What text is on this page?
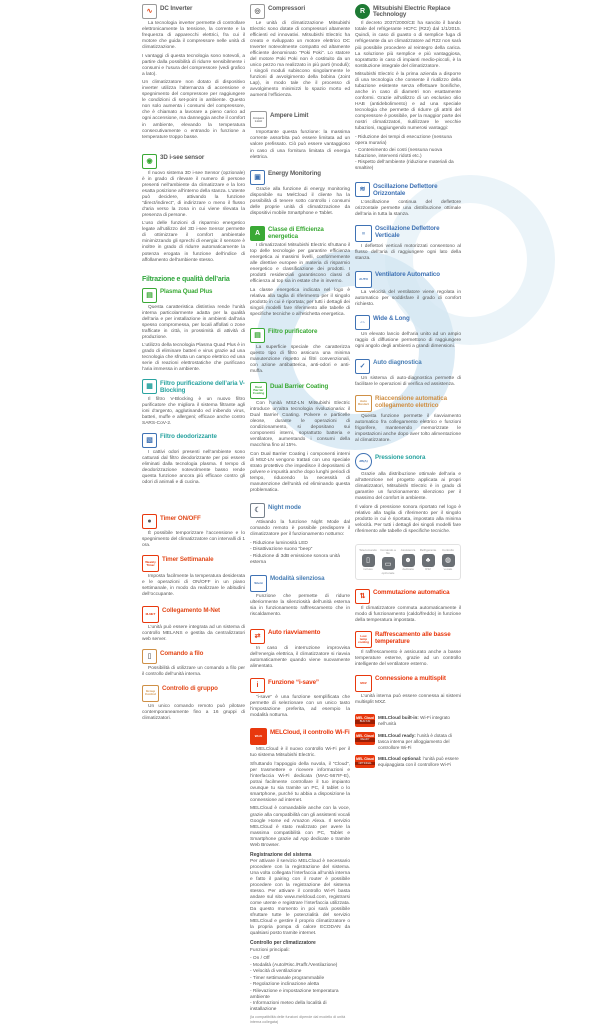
∿	DC Inverter

La tecnologia inverter permette di controllare elettronicamente la tensione, la corrente e la frequenza di apparecchi elettrici, fra cui il motore che guida il compressore nelle unità di climatizzazione.

I vantaggi di questa tecnologia sono notevoli, a partire dalla possibilità di ridurre sensibilmente i consumi e l’usura del compressore (vedi grafico a lato).

Un climatizzatore non dotato di dispositivo inverter utilizza l’alternanza di accensione e spegnimento del compressore per raggiungere le condizioni di set-point in ambiente. Questo non solo aumenta i consumi del compressore, che è chiamato a lavorare a pieno carico ad ogni accensione, ma danneggia anche il comfort in ambiente, elevando la temperatura consecutivamente o entrando in funzione a temperature troppo basse.

◉	3D i-see sensor

Il nuovo sistema 3D i-see Sensor (opzionale) è in grado di rilevare il numero di persone presenti nell’ambiente da climatizzare e la loro esatta posizione all’interno della stanza. L’utente può decidere, attivando la funzione “direct/indirect”, di indirizzare o meno il flusso d’aria verso la zona in cui viene rilevata la presenza di persone.

L’uso delle funzioni di risparmio energetico legate all’utilizzo del 3D i-see Sensor permette di ottimizzare il comfort ambientale minimizzando gli sprechi di energia: il sensore è inoltre in grado di ridurre automaticamente la potenza erogata in funzione dell’indice di affollamento dell’ambiente stesso.

Filtrazione e qualità dell’aria
▤	Plasma Quad Plus

Questa caratteristica distintiva rende l’unità interna particolarmente adatta per la qualità dell’aria e per installazione in ambienti dall’aria spesso compromessa, per locali affollati o zone trafficate in città, in prossimità di attività di produzione.

L’utilizzo della tecnologia Plasma Quad Plus è in grado di eliminare batteri e virus grazie ad una tecnologia che sfrutta un campo elettrico ed una serie di reazioni elettrostatiche che purificano l’aria immessa in ambiente.

▦	Filtro purificazione dell’aria V-Blocking

Il filtro V-Blocking è un nuovo filtro purificatore che migliora il sistema filtrante agli ioni d’argento, agglutinando ed inibendo virus, batteri, muffe e allergeni; efficace anche contro SARS-CoV-2.

▧	Filtro deodorizzante

I cattivi odori presenti nell’ambiente sono catturati dal filtro deodorizzante per poi essere eliminati dalla tecnologia plasma. Il tempo di deodorizzazione notevolmente basso rende questa funzione ancora più efficace contro gli odori di animali e di cucina.

●	Timer ON/OFF

È possibile temporizzare l’accensione e lo spegnimento del climatizzatore con intervalli di 1 ora.

Weekly Timer
Timer Settimanale

Imposta facilmente la temperatura desiderata e le operazioni di ON/OFF in un piano settimanale, in modo da realizzare le abitudini dell’occupante.

M-NET
Collegamento M-Net

L’unità può essere integrata ad un sistema di controllo MELANS e gestita da centralizzatori web server.

▯	Comando a filo

Possibilità di utilizzare un comando a filo per il controllo dell’unità interna.

Group Control
Controllo di gruppo

Un unico comando remoto può pilotare contemporaneamente fino a 16 gruppi di climatizzatori.

◎	Compressori

Le unità di climatizzazione Mitsubishi Electric sono dotate di compressori altamente efficienti ed innovativi. Mitsubishi Electric ha creato e sviluppato un motore elettrico DC Inverter notevolmente compatto ed altamente efficiente denominato “Poki Poki”. Lo statore del motore Poki Poki non è costituito da un unico pezzo ma realizzato in più parti (moduli); i singoli moduli subiscono singolarmente le funzioni di avvolgimento della bobina (Joint Lap), in modo tale che il processo di avvolgimento minimizzi lo spazio morto ed aumenti l’efficienza.

Ampere Limit
Ampere Limit

Importante questa funzione: la massima corrente assorbita può essere limitata ad un valore prefissato. Ciò può essere vantaggioso in caso di una fornitura limitata di energia elettrica.

▣	Energy Monitoring

Grazie alla funzione di energy monitoring disponibile su MelCloud il cliente ha la possibilità di tenere sotto controllo i consumi delle proprie unità di climatizzazione da dispositivi mobile Smartphone e Tablet.

A	Classe di Efficienza energetica

I climatizzatori Mitsubishi Electric sfruttano il top delle tecnologie per garantire efficienza energetica ai massimi livelli, conformemente alle direttive europee in materia di risparmio energetico e classificazione dei prodotti. I prodotti residenziali garantiscono classi di efficienza al top sia in estate che in inverno.

La classe energetica indicata nel logo è relativa alla taglia di riferimento per il singolo prodotto in cui è riportata; per tutti i dettagli dei singoli modelli fare riferimento alle tabelle di specifiche tecniche o all’etichetta energetica.

▤	Filtro purificatore

La superficie speciale che caratterizza questo tipo di filtro assicura una minima manutenzione rispetto ai filtri convenzionali, con azione antibatterica, anti-odori e anti-muffa.

Dual Barrier Coating
Dual Barrier Coating

Con l’unità MSZ-LN Mitsubishi Electric introduce un’altra tecnologia rivoluzionaria: il Dual Barrier Coating. Polvere e particelle oleose, durante le operazioni di condizionamento, si depositano sui componenti interni, soprattutto batteria e ventilatore, aumentando i consumi della macchina fino al 15%.

Con Dual Barrier Coating i componenti interni di MSZ-LN vengono trattati con uno speciale strato protettivo che impedisce il depositarsi di polvere e impurità anche dopo lunghi periodi di tempo, riducendo la necessità di manutenzione dell’unità ed eliminando questa problematica.

☾	Night mode

Attivando la funzione Night Mode dal comando remoto è possibile predisporre il climatizzatore per il funzionamento notturno:

- Riduzione luminosità LED
- Disattivazione suono “beep”
- Riduzione di 3dB emissione sonora unità esterna
Silent
Modalità silenziosa

Funzione che permette di ridurre ulteriormente la silenziosità dell’unità esterna sia in funzionamento raffrescamento che in riscaldamento.

⇄	Auto riavviamento

In caso di interruzione improvvisa dell’energia elettrica, il climatizzatore si riavvia automaticamente quando viene nuovamente alimentato.

i	Funzione “i-save”

“i-save” è una funzione semplificata che permette di selezionare con un unico tasto l’impostazione preferita, ad esempio la modalità notturna.

Wi-Fi
MELCloud, il controllo Wi-Fi

MELCloud è il nuovo controllo Wi-Fi per il tuo sistema Mitsubishi Electric.

Sfruttando l’appoggio della nuvola, il “Cloud”, per trasmettere e ricevere informazioni e l’interfaccia Wi-Fi dedicata (MAC-567IF-E), potrai facilmente controllare il tuo impianto ovunque tu sia tramite un PC, il tablet o lo smartphone, purché tu abbia a disposizione la connessione ad internet.

MELCloud è comandabile anche con la voce, grazie alla compatibilità con gli assistenti vocali Google Home ed Amazon Alexa. Il servizio MELCloud è stato realizzato per avere la massima compatibilità con PC, Tablet e Smartphone grazie ad App dedicate o tramite Web Browser.

Registrazione del sistema

Per attivare il servizio MELCloud è necessario procedere con la registrazione del sistema. Una volta collegata l’interfaccia all’unità interna e fatto il pairing con il router è possibile procedere con la registrazione del sistema stesso. Per attivare il controllo Wi-Fi basta andare sul sito www.melcloud.com, registrarsi come utente e registrare l’interfaccia utilizzata. Da questo momento in poi sarà possibile sfruttare tutte le potenzialità del servizio MELCloud e gestire il proprio climatizzatore o la propria pompa di calore ECODAN da qualsiasi posto tramite internet.

Controllo per climatizzatore

Funzioni principali:

- On / Off
- Modalità (Auto/Risc./Raffr./Ventilazione)
- Velocità di ventilazione
- Timer settimanale programmabile
- Regolazione inclinazione aletta
- Rilevazione e impostazione temperatura ambiente
- Informazioni meteo della località di installazione
(la compatibilità delle funzioni dipende dal modello di unità interna collegata)
R	Mitsubishi Electric Replace Technology

Il decreto 2037/2000/CE ha sancito il bando totale del refrigerante HCFC (R22) dal 1/1/2015. Quindi, in caso di guasto o di semplice fuga di refrigerante da un climatizzatore ad R22 non sarà più possibile procedere al reintegro della carica. La soluzione più semplice e più vantaggiosa, soprattutto in caso di impianti medio-piccoli, è la sostituzione integrale del climatizzatore.

Mitsubishi Electric è la prima azienda a disporre di una tecnologia che consente il riutilizzo della tubazione esistente senza effettuare bonifiche, anche in caso di diametri non esattamente conformi. Grazie all’utilizzo di un esclusivo olio HAB (antidebolimento) e ad una speciale tecnologia che permette di ridurre gli attriti del compressore è possibile, per la maggior parte dei nostri climatizzatori, riutilizzare le vecchie tubazioni, raggiungendo numerosi vantaggi:

- Riduzione dei tempi di esecuzione (nessuna opera muraria)
- Contenimento dei costi (nessuna nuova tubazione, interventi ridotti etc.)
- Rispetto dell’ambiente (riduzione materiali da smaltire)
≋	Oscillazione Deflettore Orizzontale

L’oscillazione continua del deflettore orizzontale permette una distribuzione ottimale dell’aria in tutta la stanza.

|||
Oscillazione Deflettore Verticale

I deflettori verticali motorizzati consentono al flusso dell’aria di raggiungere ogni lato della stanza.

AUTO
Ventilatore Automatico

La velocità del ventilatore viene regolata in automatico per soddisfare il grado di comfort richiesto.

⇔	Wide & Long

Un elevato lancio dell’aria unito ad un ampio raggio di diffusione permettono di raggiungere ogni angolo degli ambienti a grandi dimensioni.

✓	Auto diagnostica

Un sistema di auto-diagnostica permette di facilitare le operazioni di verifica ed assistenza.

Auto Restart
Riaccensione automatica collegamento elettrico

Questa funzione permette il riavviamento automatico fra collegamento elettrico e funzioni frigorifere, mantenendo memorizzate le impostazioni anche dopo aver tolto alimentazione al climatizzatore.

dB(A)
Pressione sonora

Grazie alla distribuzione ottimale dell’aria e all’attenzione nel progetto applicata ai propri climatizzatori, Mitsubishi Electric è in grado di garantire un funzionamento silenzioso per il massimo del comfort in ambiente.

Il valore di pressione sonora riportato nel logo è relativo alla taglia di riferimento per il singolo prodotto in cui è riportata, impostato alla minima velocità. Per tutti i dettagli dei singoli modelli fare riferimento alle tabelle di specifiche tecniche.

Telecomando
▯
incluso
Comando a filo
▭
opzionale
Assistenza
☻
dedicata
Refrigerante
♣
R32
Controllo
◍
vocale
⇅	Commutazione automatica

Il climatizzatore commuta automaticamente il modo di funzionamento (caldo/freddo) in funzione della temperatura impostata.

Low temp cooling
Raffrescamento alle basse temperature

Il raffrescamento è assicurato anche a basse temperature esterne, grazie ad un controllo intelligente del ventilatore esterno.

MXZ
Connessione a multisplit

L’unità interna può essere connessa ai sistemi multisplit MXZ.

MEL Cloud
BUILT-IN
MELCloud built-in: Wi-Fi integrato nell’unità
MEL Cloud
READY
MELCloud ready: l’unità è dotata di tasca interna per alloggiamento del controllore Wi-Fi
MEL Cloud
OPTIONAL
MELCloud optional: l’unità può essere equipaggiata con il controllore Wi-Fi
